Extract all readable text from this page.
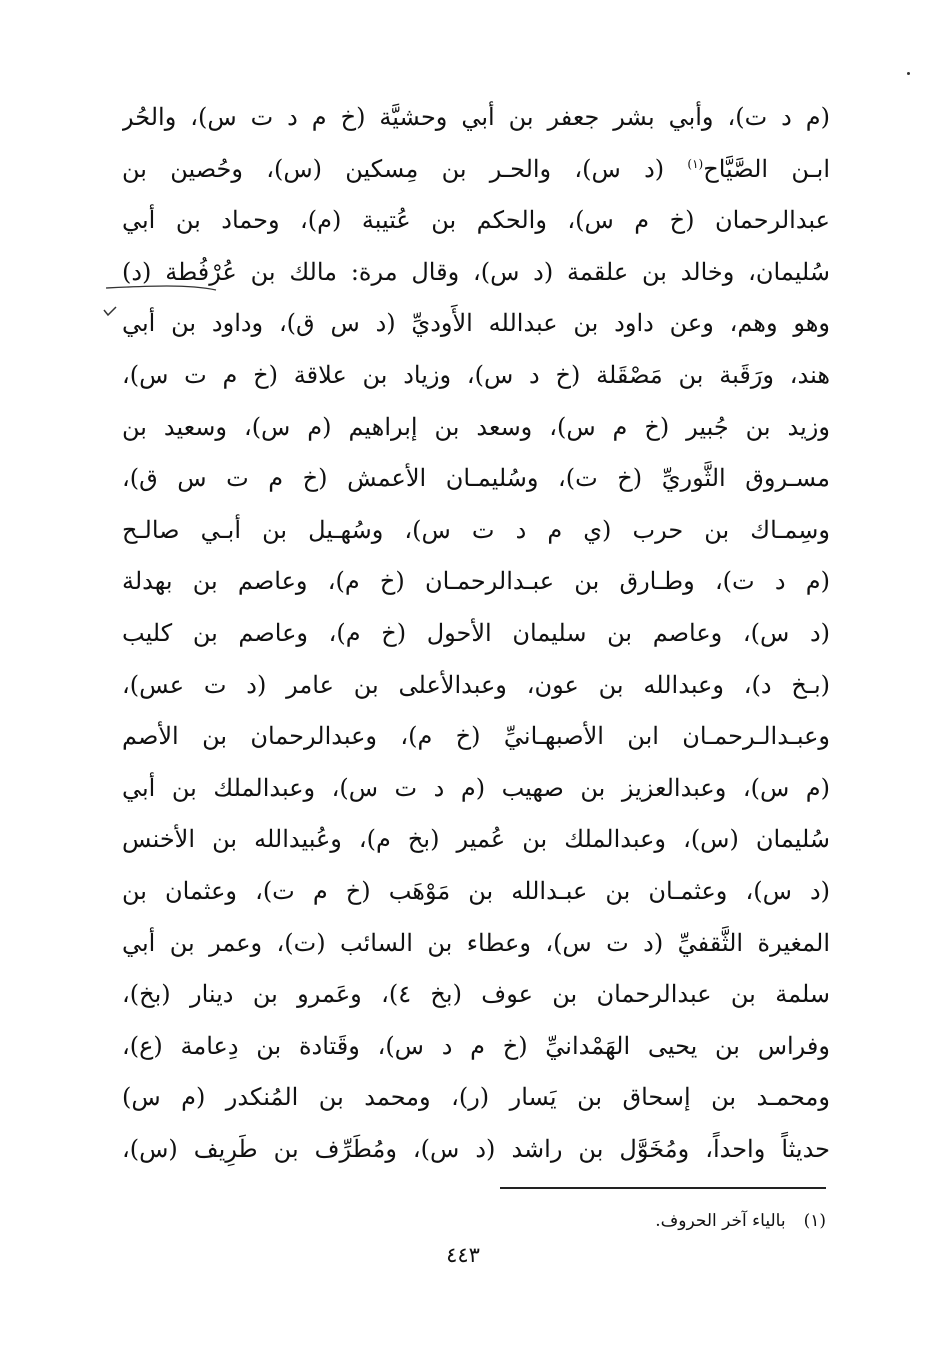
(م د ت)، وأبي بشر جعفر بن أبي وحشيَّة (خ م د ت س)، والحُر
ابـن الصَّيَّاح$^{(١)}$ (د س)، والحـر بن مِسكين (س)، وحُصين بن
عبدالرحمان (خ م س)، والحكم بن عُتيبة (م)، وحماد بن أبي
سُليمان، وخالد بن علقمة (د س)، وقال مرة: مالك بن عُرْفُطة (د)
وهو وهم، وعن داود بن عبدالله الأَوديِّ (د س ق)، وداود بن أبي
هند، ورَقَبة بن مَصْقَلة (خ د س)، وزياد بن علاقة (خ م ت س)،
وزيد بن جُبير (خ م س)، وسعد بن إبراهيم (م س)، وسعيد بن
مسـروق الثَّوريِّ (خ ت)، وسُليمـان الأعمش (خ م ت س ق)،
وسِمـاك بن حرب (ي م د ت س)، وسُهـيل بن أبـي صالـح
(م د ت)، وطـارق بن عبـدالرحمـان (خ م)، وعاصم بن بهدلة
(د س)، وعاصم بن سليمان الأحول (خ م)، وعاصم بن كليب
(بـخ د)، وعبدالله بن عون، وعبدالأعلى بن عامر (د ت عس)،
وعبـدالـرحمـان ابن الأصبهـانيِّ (خ م)، وعبدالرحمان بن الأصم
(م س)، وعبدالعزيز بن صهيب (م د ت س)، وعبدالملك بن أبي
سُليمان (س)، وعبدالملك بن عُمير (بخ م)، وعُبيدالله بن الأخنس
(د س)، وعثمـان بن عبـدالله بن مَوْهَب (خ م ت)، وعثمان بن
المغيرة الثَّقفيِّ (د ت س)، وعطاء بن السائب (ت)، وعمر بن أبي
سلمة بن عبدالرحمان بن عوف (بخ ٤)، وعَمرو بن دينار (بخ)،
وفراس بن يحيى الهَمْدانيِّ (خ م د س)، وقَتادة بن دِعامة (ع)،
ومحمـد بن إسحاق بن يَسار (ر)، ومحمد بن المُنكدر (م س)
حديثاً واحداً، ومُخَوَّل بن راشد (د س)، ومُطَرِّف بن طَرِيف (س)،
(١)بالياء آخر الحروف.
٤٤٣
